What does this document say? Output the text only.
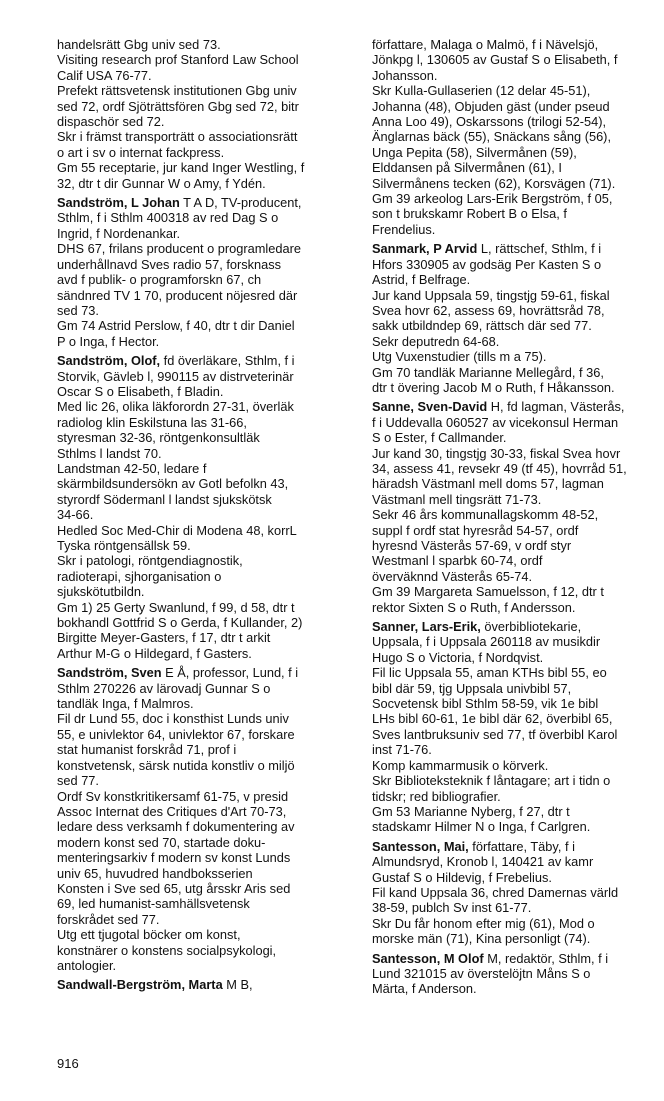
handelsrätt Gbg univ sed 73.
Visiting research prof Stanford Law School
Calif USA 76-77.
Prefekt rättsvetensk institutionen Gbg univ
sed 72, ordf Sjöträttsfören Gbg sed 72, bitr
dispaschör sed 72.
Skr i främst transporträtt o associationsrätt
o art i sv o internat fackpress.
Gm 55 receptarie, jur kand Inger Westling, f
32, dtr t dir Gunnar W o Amy, f Ydén.
Sandström, L Johan T A D, TV-producent,
Sthlm, f i Sthlm 400318 av red Dag S o
Ingrid, f Nordenankar.
DHS 67, frilans producent o programledare
underhållnavd Sves radio 57, forsknass
avd f publik- o programforskn 67, ch
sändnred TV 1 70, producent nöjesred där
sed 73.
Gm 74 Astrid Perslow, f 40, dtr t dir Daniel
P o Inga, f Hector.
Sandström, Olof, fd överläkare, Sthlm, f i
Storvik, Gävleb l, 990115 av distrveterinär
Oscar S o Elisabeth, f Bladin.
Med lic 26, olika läkforordn 27-31, överläk
radiolog klin Eskilstuna las 31-66,
styresman 32-36, röntgenkonsultläk
Sthlms l landst 70.
Landstman 42-50, ledare f
skärmbildsundersökn av Gotl befolkn 43,
styrordf Södermanl l landst sjukskötsk
34-66.
Hedled Soc Med-Chir di Modena 48, korrL
Tyska röntgensällsk 59.
Skr i patologi, röntgendiagnostik,
radioterapi, sjhorganisation o
sjukskötutbildn.
Gm 1) 25 Gerty Swanlund, f 99, d 58, dtr t
bokhandl Gottfrid S o Gerda, f Kullander, 2)
Birgitte Meyer-Gasters, f 17, dtr t arkit
Arthur M-G o Hildegard, f Gasters.
Sandström, Sven E Å, professor, Lund, f i
Sthlm 270226 av lärovadj Gunnar S o
tandläk Inga, f Malmros.
Fil dr Lund 55, doc i konsthist Lunds univ
55, e univlektor 64, univlektor 67, forskare
stat humanist forskråd 71, prof i
konstvetensk, särsk nutida konstliv o miljö
sed 77.
Ordf Sv konstkritikersamf 61-75, v presid
Assoc Internat des Critiques d'Art 70-73,
ledare dess verksamh f dokumentering av
modern konst sed 70, startade doku-
menteringsarkiv f modern sv konst Lunds
univ 65, huvudred handboksserien
Konsten i Sve sed 65, utg årsskr Aris sed
69, led humanist-samhällsvetensk
forskrådet sed 77.
Utg ett tjugotal böcker om konst,
konstnärer o konstens socialpsykologi,
antologier.
Sandwall-Bergström, Marta M B,
författare, Malaga o Malmö, f i Nävelsjö,
Jönkpg l, 130605 av Gustaf S o Elisabeth, f
Johansson.
Skr Kulla-Gullaserien (12 delar 45-51),
Johanna (48), Objuden gäst (under pseud
Anna Loo 49), Oskarssons (trilogi 52-54),
Änglarnas bäck (55), Snäckans sång (56),
Unga Pepita (58), Silvermånen (59),
Elddansen på Silvermånen (61), I
Silvermånens tecken (62), Korsvägen (71).
Gm 39 arkeolog Lars-Erik Bergström, f 05,
son t brukskamr Robert B o Elsa, f
Frendelius.
Sanmark, P Arvid L, rättschef, Sthlm, f i
Hfors 330905 av godsäg Per Kasten S o
Astrid, f Belfrage.
Jur kand Uppsala 59, tingstjg 59-61, fiskal
Svea hovr 62, assess 69, hovrättsråd 78,
sakk utbildndep 69, rättsch där sed 77.
Sekr deputredn 64-68.
Utg Vuxenstudier (tills m a 75).
Gm 70 tandläk Marianne Mellegård, f 36,
dtr t övering Jacob M o Ruth, f Håkansson.
Sanne, Sven-David H, fd lagman, Västerås,
f i Uddevalla 060527 av vicekonsul Herman
S o Ester, f Callmander.
Jur kand 30, tingstjg 30-33, fiskal Svea hovr
34, assess 41, revsekr 49 (tf 45), hovrråd 51,
häradsh Västmanl mell doms 57, lagman
Västmanl mell tingsrätt 71-73.
Sekr 46 års kommunallagskomm 48-52,
suppl f ordf stat hyresråd 54-57, ordf
hyresnd Västerås 57-69, v ordf styr
Westmanl l sparbk 60-74, ordf
överväknnd Västerås 65-74.
Gm 39 Margareta Samuelsson, f 12, dtr t
rektor Sixten S o Ruth, f Andersson.
Sanner, Lars-Erik, överbibliotekarie,
Uppsala, f i Uppsala 260118 av musikdir
Hugo S o Victoria, f Nordqvist.
Fil lic Uppsala 55, aman KTHs bibl 55, eo
bibl där 59, tjg Uppsala univbibl 57,
Socvetensk bibl Sthlm 58-59, vik 1e bibl
LHs bibl 60-61, 1e bibl där 62, överbibl 65,
Sves lantbruksuniv sed 77, tf överbibl Karol
inst 71-76.
Komp kammarmusik o körverk.
Skr Biblioteksteknik f låntagare; art i tidn o
tidskr; red bibliografier.
Gm 53 Marianne Nyberg, f 27, dtr t
stadskamr Hilmer N o Inga, f Carlgren.
Santesson, Mai, författare, Täby, f i
Almundsryd, Kronob l, 140421 av kamr
Gustaf S o Hildevig, f Frebelius.
Fil kand Uppsala 36, chred Damernas värld
38-59, publch Sv inst 61-77.
Skr Du får honom efter mig (61), Mod o
morske män (71), Kina personligt (74).
Santesson, M Olof M, redaktör, Sthlm, f i
Lund 321015 av överstelöjtn Måns S o
Märta, f Anderson.
916
